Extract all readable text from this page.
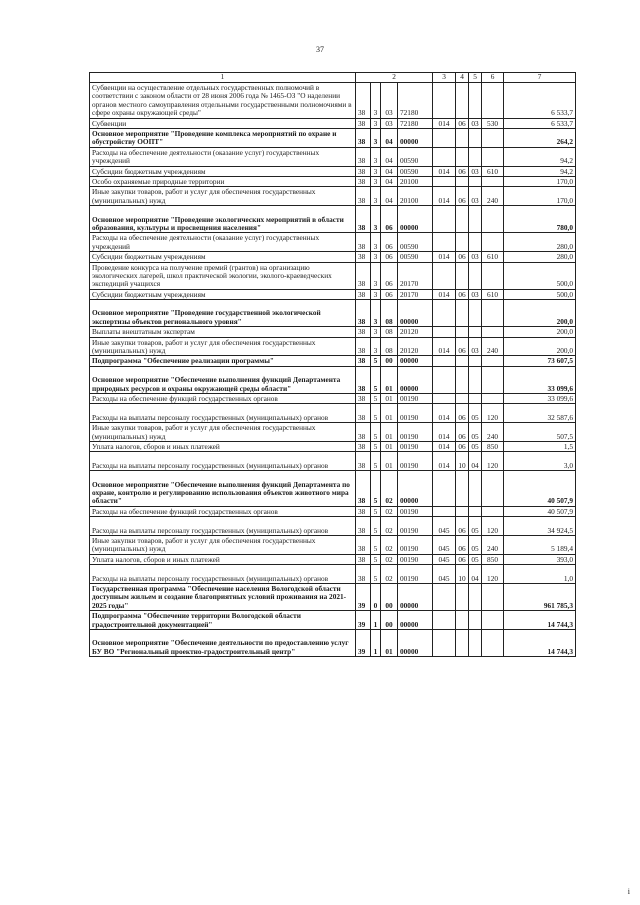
37
1	2				3	4	5	6	7
Субвенции на осуществление отдельных государственных полномочий в соответствии с законом области от 28 июня 2006 года № 1465-ОЗ "О наделении органов местного самоуправления отдельными государственными полномочиями в сфере охраны окружающей среды"	38	3	03	72180					6 533,7
Субвенции	38	3	03	72180	014	06	03	530	6 533,7
Основное мероприятие "Проведение комплекса мероприятий по охране и обустройству ООПТ"	38	3	04	00000					264,2
Расходы на обеспечение деятельности (оказание услуг) государственных учреждений	38	3	04	00590					94,2
Субсидии бюджетным учреждениям	38	3	04	00590	014	06	03	610	94,2
Особо охраняемые природные территории	38	3	04	20100					170,0
Иные закупки товаров, работ и услуг для обеспечения государственных (муниципальных) нужд	38	3	04	20100	014	06	03	240	170,0
Основное мероприятие "Проведение экологических мероприятий в области образования, культуры и просвещения населения"	38	3	06	00000					780,0
Расходы на обеспечение деятельности (оказание услуг) государственных учреждений	38	3	06	00590					280,0
Субсидии бюджетным учреждениям	38	3	06	00590	014	06	03	610	280,0
Проведение конкурса на получение премий (грантов) на организацию экологических лагерей, школ практической экологии, эколого-краеведческих экспедиций учащихся	38	3	06	20170					500,0
Субсидии бюджетным учреждениям	38	3	06	20170	014	06	03	610	500,0
Основное мероприятие "Проведение государственной экологической экспертизы объектов регионального уровня"	38	3	08	00000					200,0
Выплаты внештатным экспертам	38	3	08	20120					200,0
Иные закупки товаров, работ и услуг для обеспечения государственных (муниципальных) нужд	38	3	08	20120	014	06	03	240	200,0
Подпрограмма "Обеспечение реализации программы"	38	5	00	00000					73 607,5
Основное мероприятие "Обеспечение выполнения функций Департамента природных ресурсов и охраны окружающей среды области"	38	5	01	00000					33 099,6
Расходы на обеспечение функций государственных органов	38	5	01	00190					33 099,6
Расходы на выплаты персоналу государственных (муниципальных) органов	38	5	01	00190	014	06	05	120	32 587,6
Иные закупки товаров, работ и услуг для обеспечения государственных (муниципальных) нужд	38	5	01	00190	014	06	05	240	507,5
Уплата налогов, сборов и иных платежей	38	5	01	00190	014	06	05	850	1,5
Расходы на выплаты персоналу государственных (муниципальных) органов	38	5	01	00190	014	10	04	120	3,0
Основное мероприятие "Обеспечение выполнения функций Департамента по охране, контролю и регулированию использования объектов животного мира области"	38	5	02	00000					40 507,9
Расходы на обеспечение функций государственных органов	38	5	02	00190					40 507,9
Расходы на выплаты персоналу государственных (муниципальных) органов	38	5	02	00190	045	06	05	120	34 924,5
Иные закупки товаров, работ и услуг для обеспечения государственных (муниципальных) нужд	38	5	02	00190	045	06	05	240	5 189,4
Уплата налогов, сборов и иных платежей	38	5	02	00190	045	06	05	850	393,0
Расходы на выплаты персоналу государственных (муниципальных) органов	38	5	02	00190	045	10	04	120	1,0
Государственная программа "Обеспечение населения Вологодской области доступным жильем и создание благоприятных условий проживания на 2021-2025 годы"	39	0	00	00000					961 785,3
Подпрограмма "Обеспечение территории Вологодской области градостроительной документацией"	39	1	00	00000					14 744,3
Основное мероприятие "Обеспечение деятельности по предоставлению услуг БУ ВО "Региональный проектно-градостроительный центр"	39	1	01	00000					14 744,3
і
